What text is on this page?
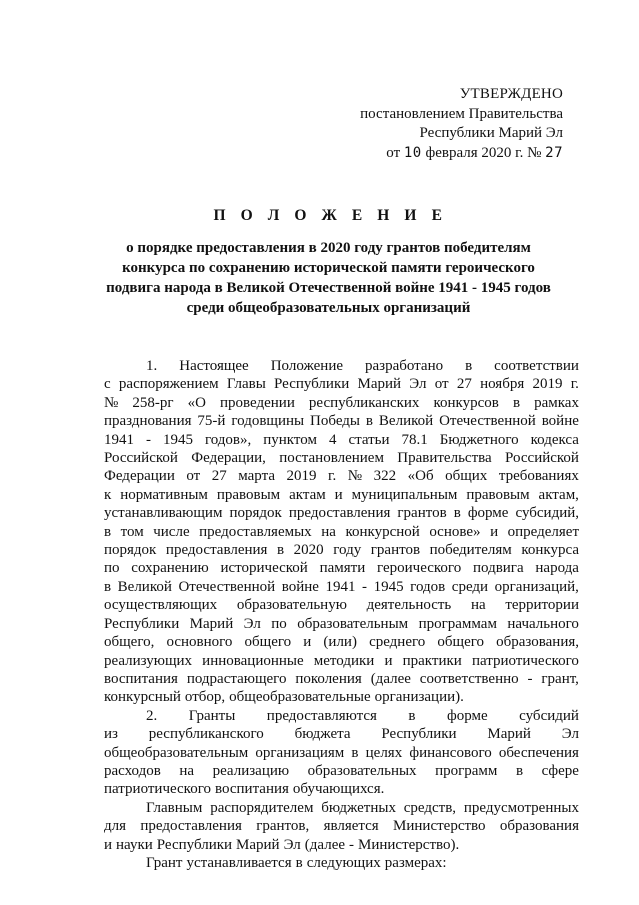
УТВЕРЖДЕНО
постановлением Правительства
Республики Марий Эл
от 10 февраля 2020 г. № 27
П О Л О Ж Е Н И Е
о порядке предоставления в 2020 году грантов победителям
конкурса по сохранению исторической памяти героического
подвига народа в Великой Отечественной войне 1941 - 1945 годов
среди общеобразовательных организаций
1. Настоящее Положение разработано в соответствии
с распоряжением Главы Республики Марий Эл от 27 ноября 2019 г.
№ 258-рг «О проведении республиканских конкурсов в рамках
празднования 75-й годовщины Победы в Великой Отечественной войне
1941 - 1945 годов», пунктом 4 статьи 78.1 Бюджетного кодекса
Российской Федерации, постановлением Правительства Российской
Федерации от 27 марта 2019 г. № 322 «Об общих требованиях
к нормативным правовым актам и муниципальным правовым актам,
устанавливающим порядок предоставления грантов в форме субсидий,
в том числе предоставляемых на конкурсной основе» и определяет
порядок предоставления в 2020 году грантов победителям конкурса
по сохранению исторической памяти героического подвига народа
в Великой Отечественной войне 1941 - 1945 годов среди организаций,
осуществляющих образовательную деятельность на территории
Республики Марий Эл по образовательным программам начального
общего, основного общего и (или) среднего общего образования,
реализующих инновационные методики и практики патриотического
воспитания подрастающего поколения (далее соответственно - грант,
конкурсный отбор, общеобразовательные организации).
2. Гранты предоставляются в форме субсидий
из республиканского бюджета Республики Марий Эл
общеобразовательным организациям в целях финансового обеспечения
расходов на реализацию образовательных программ в сфере
патриотического воспитания обучающихся.
Главным распорядителем бюджетных средств, предусмотренных
для предоставления грантов, является Министерство образования
и науки Республики Марий Эл (далее - Министерство).
Грант устанавливается в следующих размерах:
